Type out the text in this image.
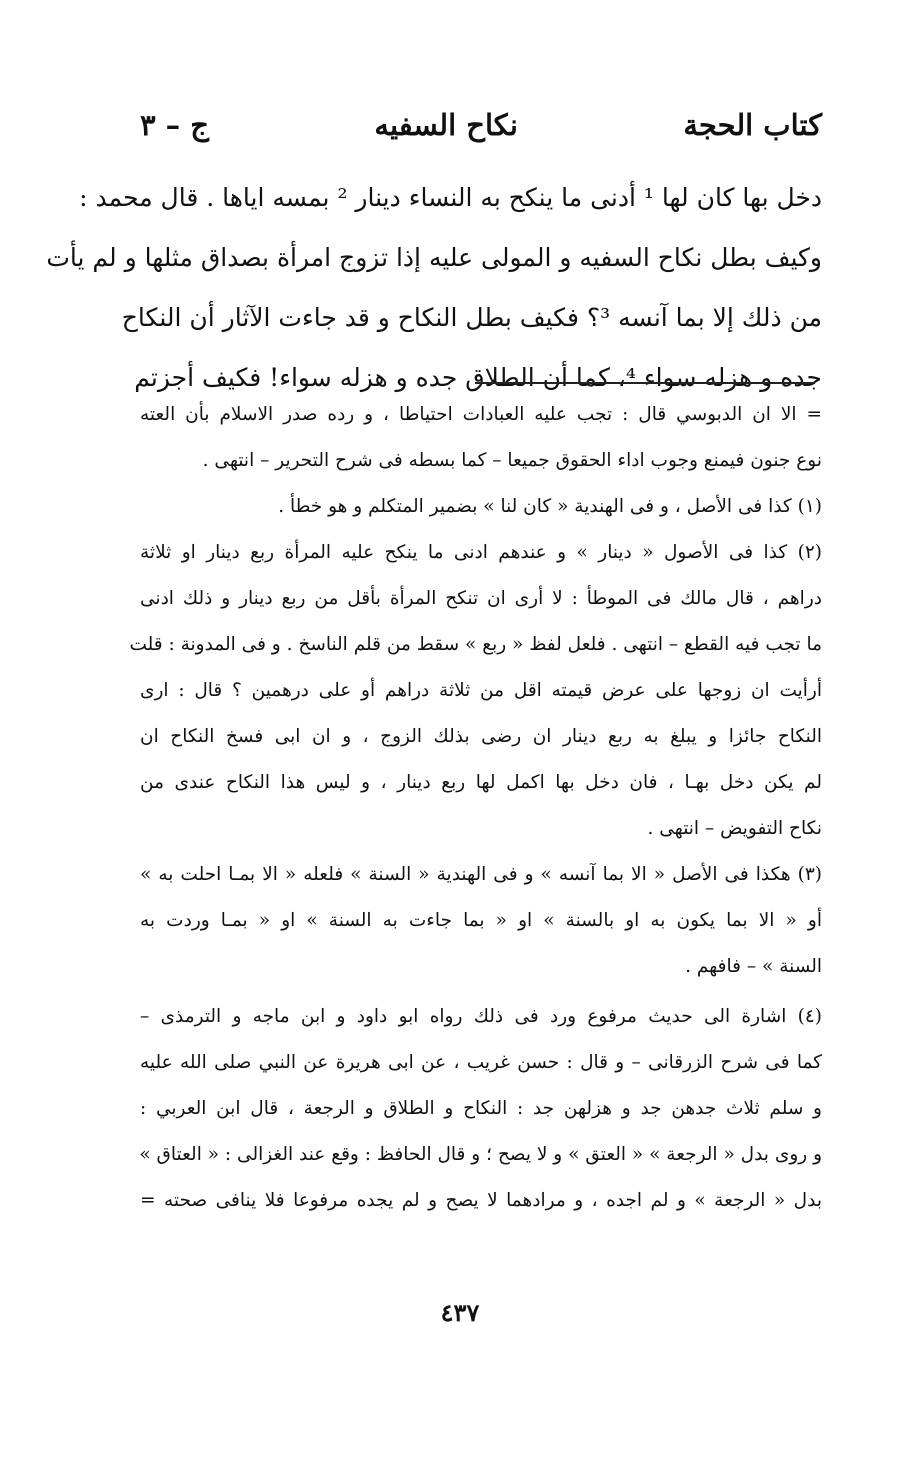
كتاب الحجة
نكاح السفيه
ج – ٣
دخل بها كان لها ¹ أدنى ما ينكح به النساء دينار ² بمسه اياها . قال محمد :
وكيف بطل نكاح السفيه و المولى عليه إذا تزوج امرأة بصداق مثلها و لم يأت
من ذلك إلا بما آنسه ³؟ فكيف بطل النكاح و قد جاءت الآثار أن النكاح
جده و هزله سواء ⁴، كما أن الطلاق جده و هزله سواء! فكيف أجزتم
= الا ان الدبوسي قال : تجب عليه العبادات احتياطا ، و رده صدر الاسلام بأن العته
نوع جنون فيمنع وجوب اداء الحقوق جميعا – كما بسطه فى شرح التحرير – انتهى .
(١) كذا فى الأصل ، و فى الهندية « كان لنا » بضمير المتكلم و هو خطأ .
(٢) كذا فى الأصول « دينار » و عندهم ادنى ما ينكح عليه المرأة ربع دينار او ثلاثة
دراهم ، قال مالك فى الموطأ : لا أرى ان تنكح المرأة بأقل من ربع دينار و ذلك ادنى
ما تجب فيه القطع – انتهى . فلعل لفظ « ربع » سقط من قلم الناسخ . و فى المدونة : قلت
أرأيت ان زوجها على عرض قيمته اقل من ثلاثة دراهم أو على درهمين ؟ قال : ارى
النكاح جائزا و يبلغ به ربع دينار ان رضى بذلك الزوج ، و ان ابى فسخ النكاح ان
لم يكن دخل بهـا ، فان دخل بها اكمل لها ربع دينار ، و ليس هذا النكاح عندى من
نكاح التفويض – انتهى .
(٣) هكذا فى الأصل « الا بما آنسه » و فى الهندية « السنة » فلعله « الا بمـا احلت به »
أو « الا بما يكون به او بالسنة » او « بما جاءت به السنة » او « بمـا وردت به
السنة » – فافهم .
(٤) اشارة الى حديث مرفوع ورد فى ذلك رواه ابو داود و ابن ماجه و الترمذى –
كما فى شرح الزرقانى – و قال : حسن غريب ، عن ابى هريرة عن النبي صلى الله عليه
و سلم ثلاث جدهن جد و هزلهن جد : النكاح و الطلاق و الرجعة ، قال ابن العربي :
و روى بدل « الرجعة » « العتق » و لا يصح ؛ و قال الحافظ : وقع عند الغزالى : « العتاق »
بدل « الرجعة » و لم اجده ، و مرادهما لا يصح و لم يجده مرفوعا فلا ينافى صحته =
٤٣٧
